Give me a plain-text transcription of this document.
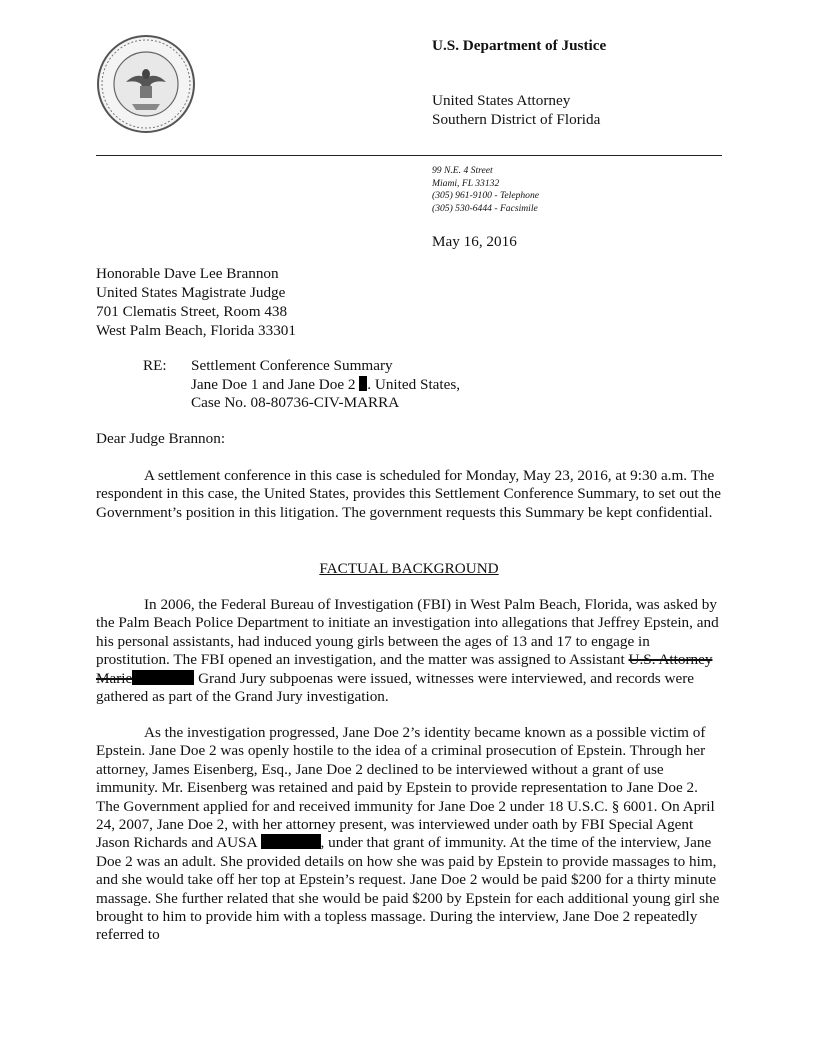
U.S. Department of Justice
United States Attorney
Southern District of Florida
99 N.E. 4 Street
Miami, FL 33132
(305) 961-9100 - Telephone
(305) 530-6444 - Facsimile
May 16, 2016
Honorable Dave Lee Brannon
United States Magistrate Judge
701 Clematis Street, Room 438
West Palm Beach, Florida 33301
RE: Settlement Conference Summary
Jane Doe 1 and Jane Doe 2 . United States,
Case No. 08-80736-CIV-MARRA
Dear Judge Brannon:

A settlement conference in this case is scheduled for Monday, May 23, 2016, at 9:30 a.m. The respondent in this case, the United States, provides this Settlement Conference Summary, to set out the Government’s position in this litigation. The government requests this Summary be kept confidential.

FACTUAL BACKGROUND

In 2006, the Federal Bureau of Investigation (FBI) in West Palm Beach, Florida, was asked by the Palm Beach Police Department to initiate an investigation into allegations that Jeffrey Epstein, and his personal assistants, had induced young girls between the ages of 13 and 17 to engage in prostitution. The FBI opened an investigation, and the matter was assigned to Assistant U.S. Attorney Marie	Grand Jury subpoenas were issued, witnesses were interviewed, and records were gathered as part of the Grand Jury investigation.

As the investigation progressed, Jane Doe 2’s identity became known as a possible victim of Epstein. Jane Doe 2 was openly hostile to the idea of a criminal prosecution of Epstein. Through her attorney, James Eisenberg, Esq., Jane Doe 2 declined to be interviewed without a grant of use immunity. Mr. Eisenberg was retained and paid by Epstein to provide representation to Jane Doe 2. The Government applied for and received immunity for Jane Doe 2 under 18 U.S.C. § 6001. On April 24, 2007, Jane Doe 2, with her attorney present, was interviewed under oath by FBI Special Agent Jason Richards and AUSA	, under that grant of immunity. At the time of the interview, Jane Doe 2 was an adult. She provided details on how she was paid by Epstein to provide massages to him, and she would take off her top at Epstein’s request. Jane Doe 2 would be paid $200 for a thirty minute massage. She further related that she would be paid $200 by Epstein for each additional young girl she brought to him to provide him with a topless massage. During the interview, Jane Doe 2 repeatedly referred to
